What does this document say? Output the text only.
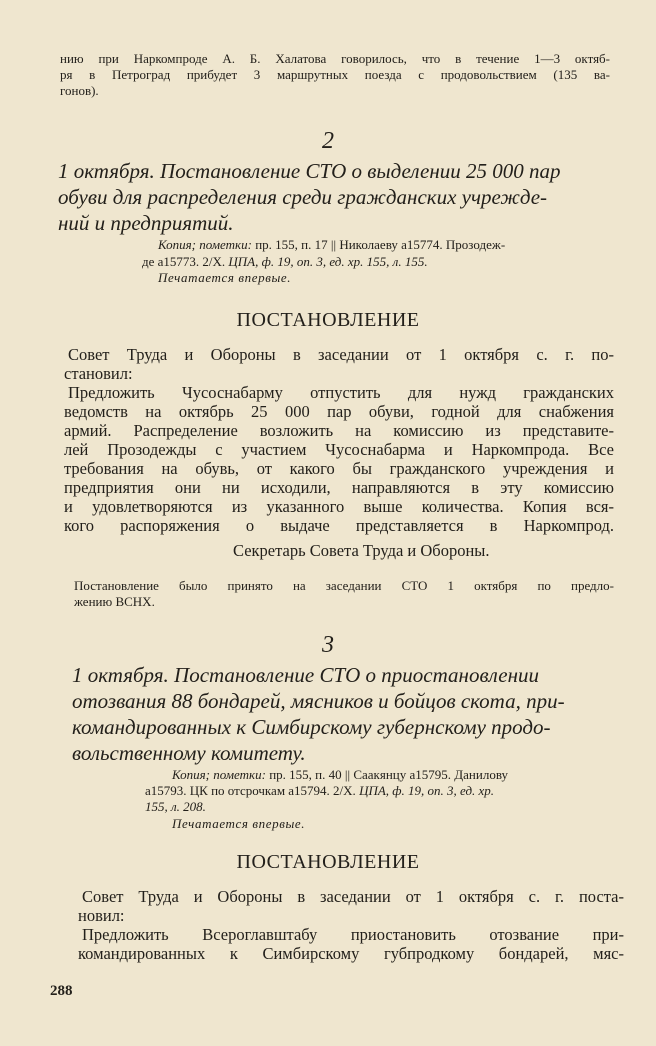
нию при Наркомпроде А. Б. Халатова говорилось, что в течение 1—3 октяб-
ря в Петроград прибудет 3 маршрутных поезда с продовольствием (135 ва-
гонов).
2
1 октября. Постановление СТО о выделении 25 000 пар
обуви для распределения среди гражданских учрежде-
ний и предприятий.
Копия; пометки: пр. 155, п. 17 || Николаеву а15774. Прозодеж-
де а15773. 2/Х. ЦПА, ф. 19, оп. 3, ед. хр. 155, л. 155.
Печатается впервые.
ПОСТАНОВЛЕНИЕ
Совет Труда и Обороны в заседании от 1 октября с. г. по-
становил:
Предложить Чусоснабарму отпустить для нужд гражданских
ведомств на октябрь 25 000 пар обуви, годной для снабжения
армий. Распределение возложить на комиссию из представите-
лей Прозодежды с участием Чусоснабарма и Наркомпрода. Все
требования на обувь, от какого бы гражданского учреждения и
предприятия они ни исходили, направляются в эту комиссию
и удовлетворяются из указанного выше количества. Копия вся-
кого распоряжения о выдаче представляется в Наркомпрод.
Секретарь Совета Труда и Обороны.
Постановление было принято на заседании СТО 1 октября по предло-
жению ВСНХ.
3
1 октября. Постановление СТО о приостановлении
отозвания 88 бондарей, мясников и бойцов скота, при-
командированных к Симбирскому губернскому продо-
вольственному комитету.
Копия; пометки: пр. 155, п. 40 || Саакянцу а15795. Данилову
а15793. ЦК по отсрочкам а15794. 2/Х. ЦПА, ф. 19, оп. 3, ед. хр.
155, л. 208.
Печатается впервые.
ПОСТАНОВЛЕНИЕ
Совет Труда и Обороны в заседании от 1 октября с. г. поста-
новил:
Предложить Всероглавштабу приостановить отозвание при-
командированных к Симбирскому губпродкому бондарей, мяс-
288
